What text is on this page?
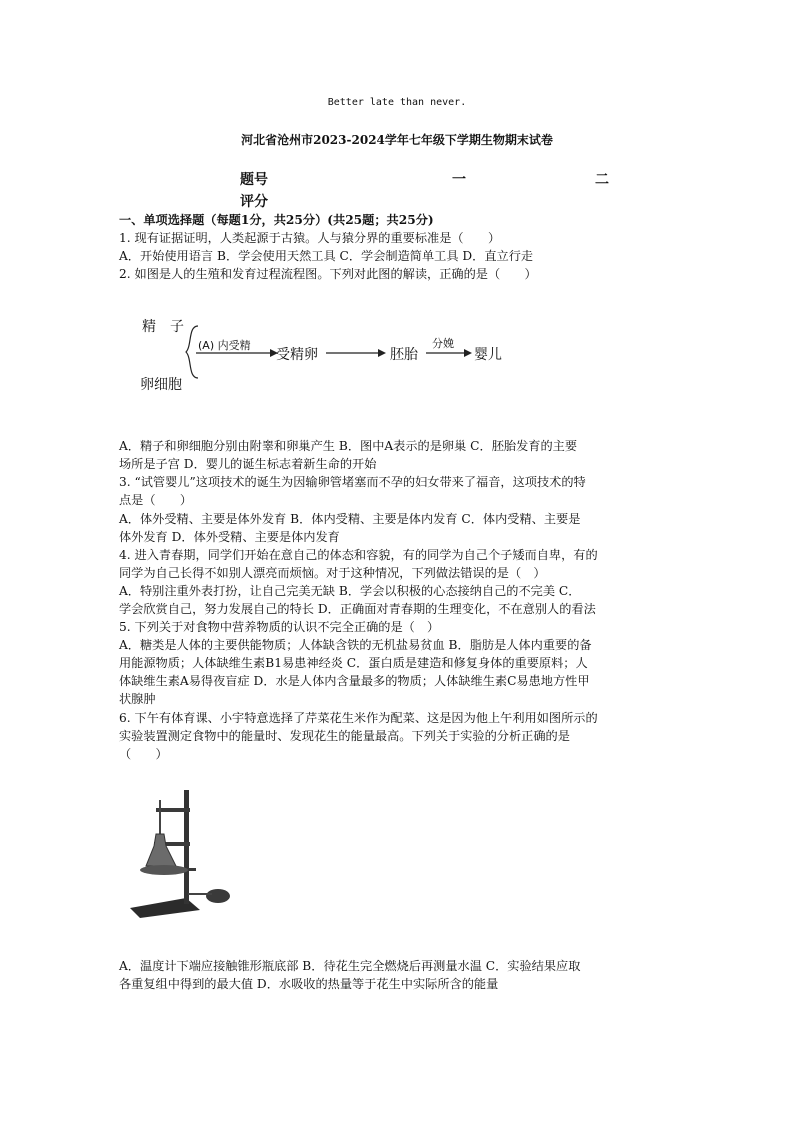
Better late than never.
河北省沧州市2023-2024学年七年级下学期生物期末试卷
题号	一	二
评分
一、单项选择题（每题1分，共25分）(共25题；共25分)
1. 现有证据证明，人类起源于古猿。人与猿分界的重要标准是（　　）
A．开始使用语言 B．学会使用天然工具 C．学会制造简单工具 D．直立行走
2. 如图是人的生殖和发育过程流程图。下列对此图的解读，正确的是（　　）
精　子
卵细胞
(A) 内受精
受精卵	胚胎
分娩
婴儿
A．精子和卵细胞分别由附睾和卵巢产生 B．图中A表示的是卵巢 C．胚胎发育的主要
场所是子宫 D．婴儿的诞生标志着新生命的开始
3. “试管婴儿”这项技术的诞生为因输卵管堵塞而不孕的妇女带来了福音，这项技术的特
点是（　　）
A．体外受精、主要是体外发育 B．体内受精、主要是体内发育 C．体内受精、主要是
体外发育 D．体外受精、主要是体内发育
4. 进入青春期，同学们开始在意自己的体态和容貌，有的同学为自己个子矮而自卑，有的
同学为自己长得不如别人漂亮而烦恼。对于这种情况，下列做法错误的是（　）
A．特别注重外表打扮，让自己完美无缺 B．学会以积极的心态接纳自己的不完美 C．
学会欣赏自己，努力发展自己的特长 D．正确面对青春期的生理变化，不在意别人的看法
5. 下列关于对食物中营养物质的认识不完全正确的是（　）
A．糖类是人体的主要供能物质；人体缺含铁的无机盐易贫血 B．脂肪是人体内重要的备
用能源物质；人体缺维生素B1易患神经炎 C．蛋白质是建造和修复身体的重要原料；人
体缺维生素A易得夜盲症 D．水是人体内含量最多的物质；人体缺维生素C易患地方性甲
状腺肿
6. 下午有体育课、小宇特意选择了芹菜花生米作为配菜、这是因为他上午利用如图所示的
实验装置测定食物中的能量时、发现花生的能量最高。下列关于实验的分析正确的是
（　　）
A．温度计下端应接触锥形瓶底部 B．待花生完全燃烧后再测量水温 C．实验结果应取
各重复组中得到的最大值 D．水吸收的热量等于花生中实际所含的能量
